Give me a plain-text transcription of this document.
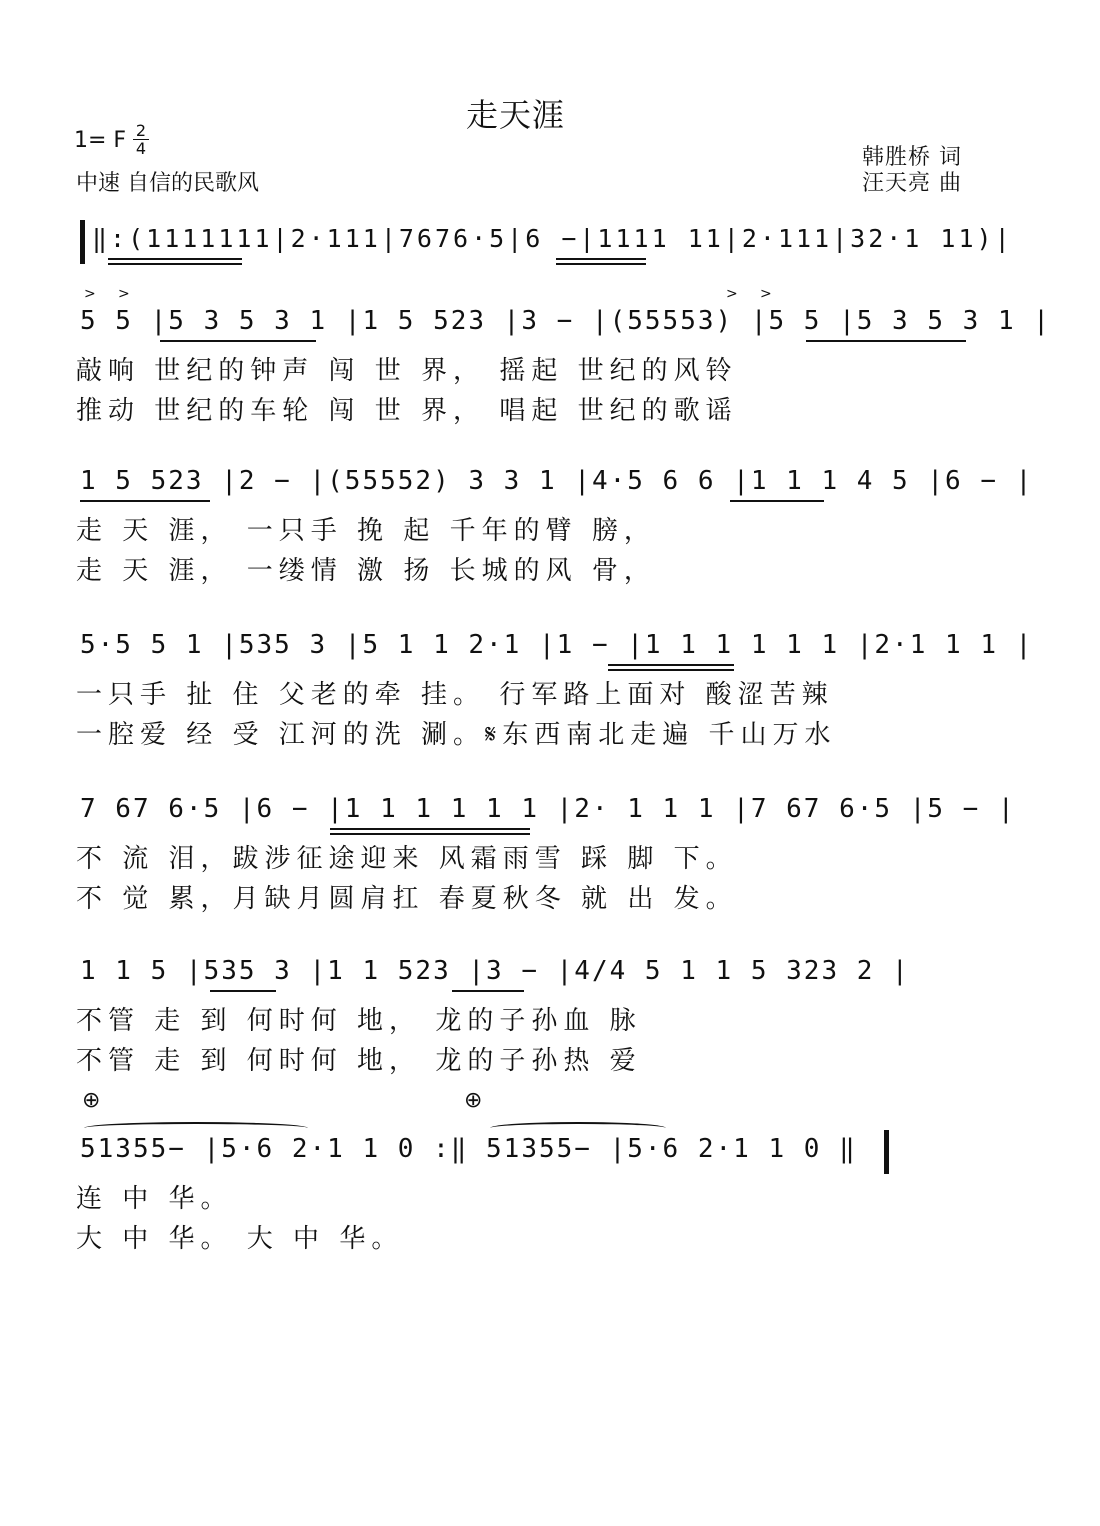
走天涯
1= F 2
4
中速 自信的民歌风
韩胜桥 词
汪天亮 曲
‖:(1111111|2·111|7676·5|6 −|1111 11|2·111|32·1 11)|
> >	> >
5 5 |5 3 5 3 1 |1 5 523 |3 − |(55553) |5 5 |5 3 5 3 1 |
敲响 世纪的钟声 闯 世 界， 摇起 世纪的风铃
推动 世纪的车轮 闯 世 界， 唱起 世纪的歌谣
1 5 523 |2 − |(55552) 3 3 1 |4·5 6 6 |1 1 1 4 5 |6 − |
走 天 涯， 一只手 挽 起 千年的臂 膀，
走 天 涯， 一缕情 激 扬 长城的风 骨，
5·5 5 1 |535 3 |5 1 1 2·1 |1 − |1 1 1 1 1 1 |2·1 1 1 |
一只手 扯 住 父老的牵 挂。 行军路上面对 酸涩苦辣
一腔爱 经 受 江河的洗 涮。𝄋东西南北走遍 千山万水
7 67 6·5 |6 − |1 1 1 1 1 1 |2· 1 1 1 |7 67 6·5 |5 − |
不 流 泪，跋涉征途迎来 风霜雨雪 踩 脚 下。
不 觉 累，月缺月圆肩扛 春夏秋冬 就 出 发。
1 1 5 |535 3 |1 1 523 |3 − |4/4 5 1 1 5 323 2 |
不管 走 到 何时何 地， 龙的子孙血 脉
不管 走 到 何时何 地， 龙的子孙热 爱
⊕	⊕
51355− |5·6 2·1 1 0 :‖ 51355− |5·6 2·1 1 0 ‖
连 中 华。
大 中 华。 大 中 华。
